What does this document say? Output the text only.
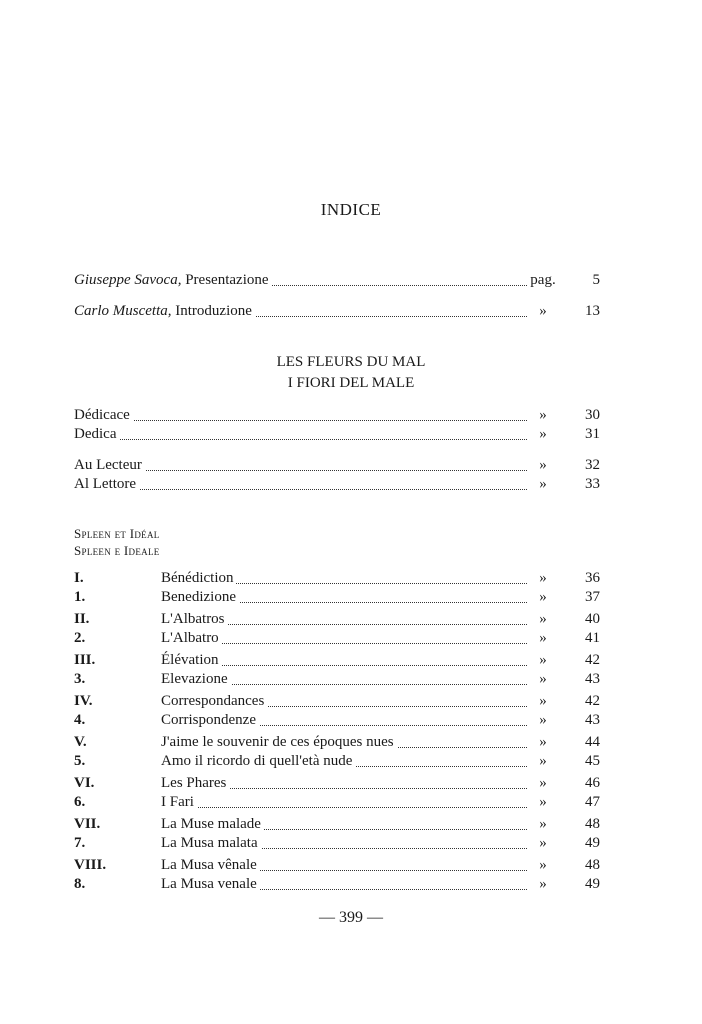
INDICE
Giuseppe Savoca, Presentazione	pag.	5
Carlo Muscetta, Introduzione	»	13
LES FLEURS DU MAL
I FIORI DEL MALE
Dédicace	»	30
Dedica	»	31
Au Lecteur	»	32
Al Lettore	»	33
Spleen et Idéal
Spleen e Ideale
I.	Bénédiction	»	36
1.	Benedizione	»	37
II.	L'Albatros	»	40
2.	L'Albatro	»	41
III.	Élévation	»	42
3.	Elevazione	»	43
IV.	Correspondances	»	42
4.	Corrispondenze	»	43
V.	J'aime le souvenir de ces époques nues	»	44
5.	Amo il ricordo di quell'età nude	»	45
VI.	Les Phares	»	46
6.	I Fari	»	47
VII.	La Muse malade	»	48
7.	La Musa malata	»	49
VIII.	La Musa vênale	»	48
8.	La Musa venale	»	49
— 399 —
